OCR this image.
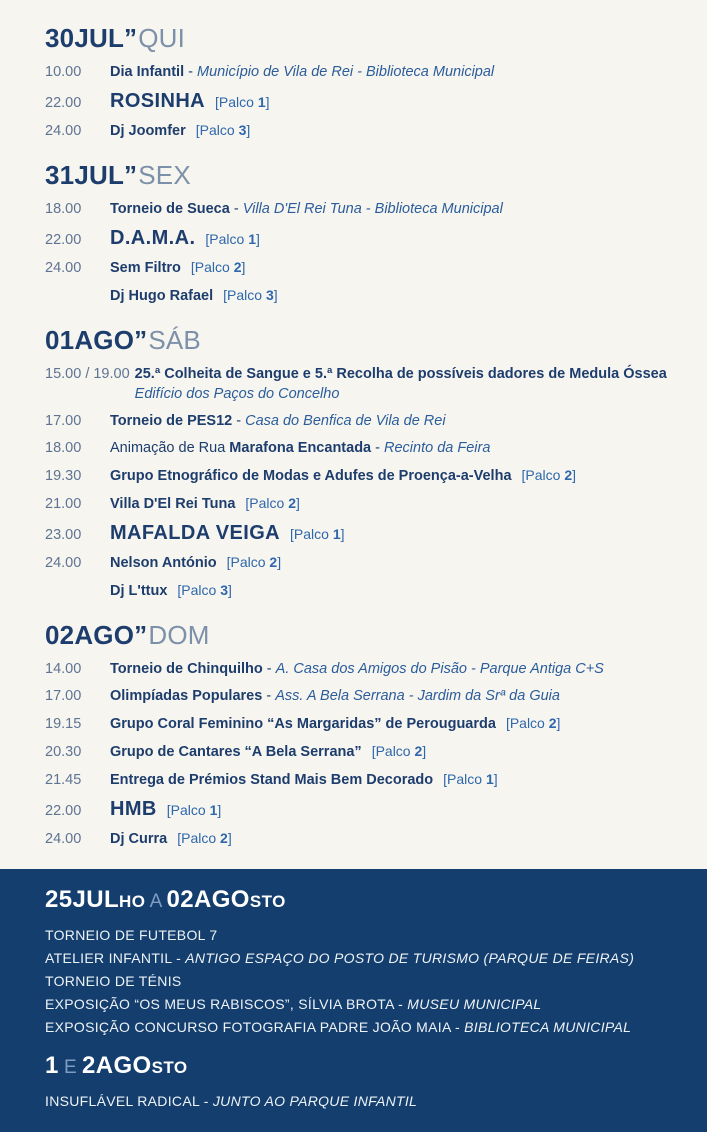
30JUL”QUI
10.00	Dia Infantil - Município de Vila de Rei - Biblioteca Municipal
22.00	ROSINHA [Palco 1]
24.00	Dj Joomfer [Palco 3]
31JUL”SEX
18.00	Torneio de Sueca - Villa D'El Rei Tuna - Biblioteca Municipal
22.00	D.A.M.A. [Palco 1]
24.00	Sem Filtro [Palco 2]
Dj Hugo Rafael [Palco 3]
01AGO”SÁB
15.00 / 19.00 25.ª Colheita de Sangue e 5.ª Recolha de possíveis dadores de Medula Óssea
Edifício dos Paços do Concelho
17.00	Torneio de PES12 - Casa do Benfica de Vila de Rei
18.00	Animação de Rua Marafona Encantada - Recinto da Feira
19.30	Grupo Etnográfico de Modas e Adufes de Proença-a-Velha [Palco 2]
21.00	Villa D'El Rei Tuna [Palco 2]
23.00	MAFALDA VEIGA [Palco 1]
24.00	Nelson António [Palco 2]
Dj L'ttux [Palco 3]
02AGO”DOM
14.00	Torneio de Chinquilho - A. Casa dos Amigos do Pisão - Parque Antiga C+S
17.00	Olimpíadas Populares - Ass. A Bela Serrana - Jardim da Srª da Guia
19.15	Grupo Coral Feminino “As Margaridas” de Perouguarda [Palco 2]
20.30	Grupo de Cantares “A Bela Serrana” [Palco 2]
21.45	Entrega de Prémios Stand Mais Bem Decorado [Palco 1]
22.00	HMB [Palco 1]
24.00	Dj Curra [Palco 2]
25JULHO A 02AGOSTO
TORNEIO DE FUTEBOL 7
ATELIER INFANTIL - ANTIGO ESPAÇO DO POSTO DE TURISMO (PARQUE DE FEIRAS)
TORNEIO DE TÉNIS
EXPOSIÇÃO “OS MEUS RABISCOS”, SÍLVIA BROTA - MUSEU MUNICIPAL
EXPOSIÇÃO CONCURSO FOTOGRAFIA PADRE JOÃO MAIA - BIBLIOTECA MUNICIPAL
1 E 2AGOSTO
INSUFLÁVEL RADICAL - JUNTO AO PARQUE INFANTIL
